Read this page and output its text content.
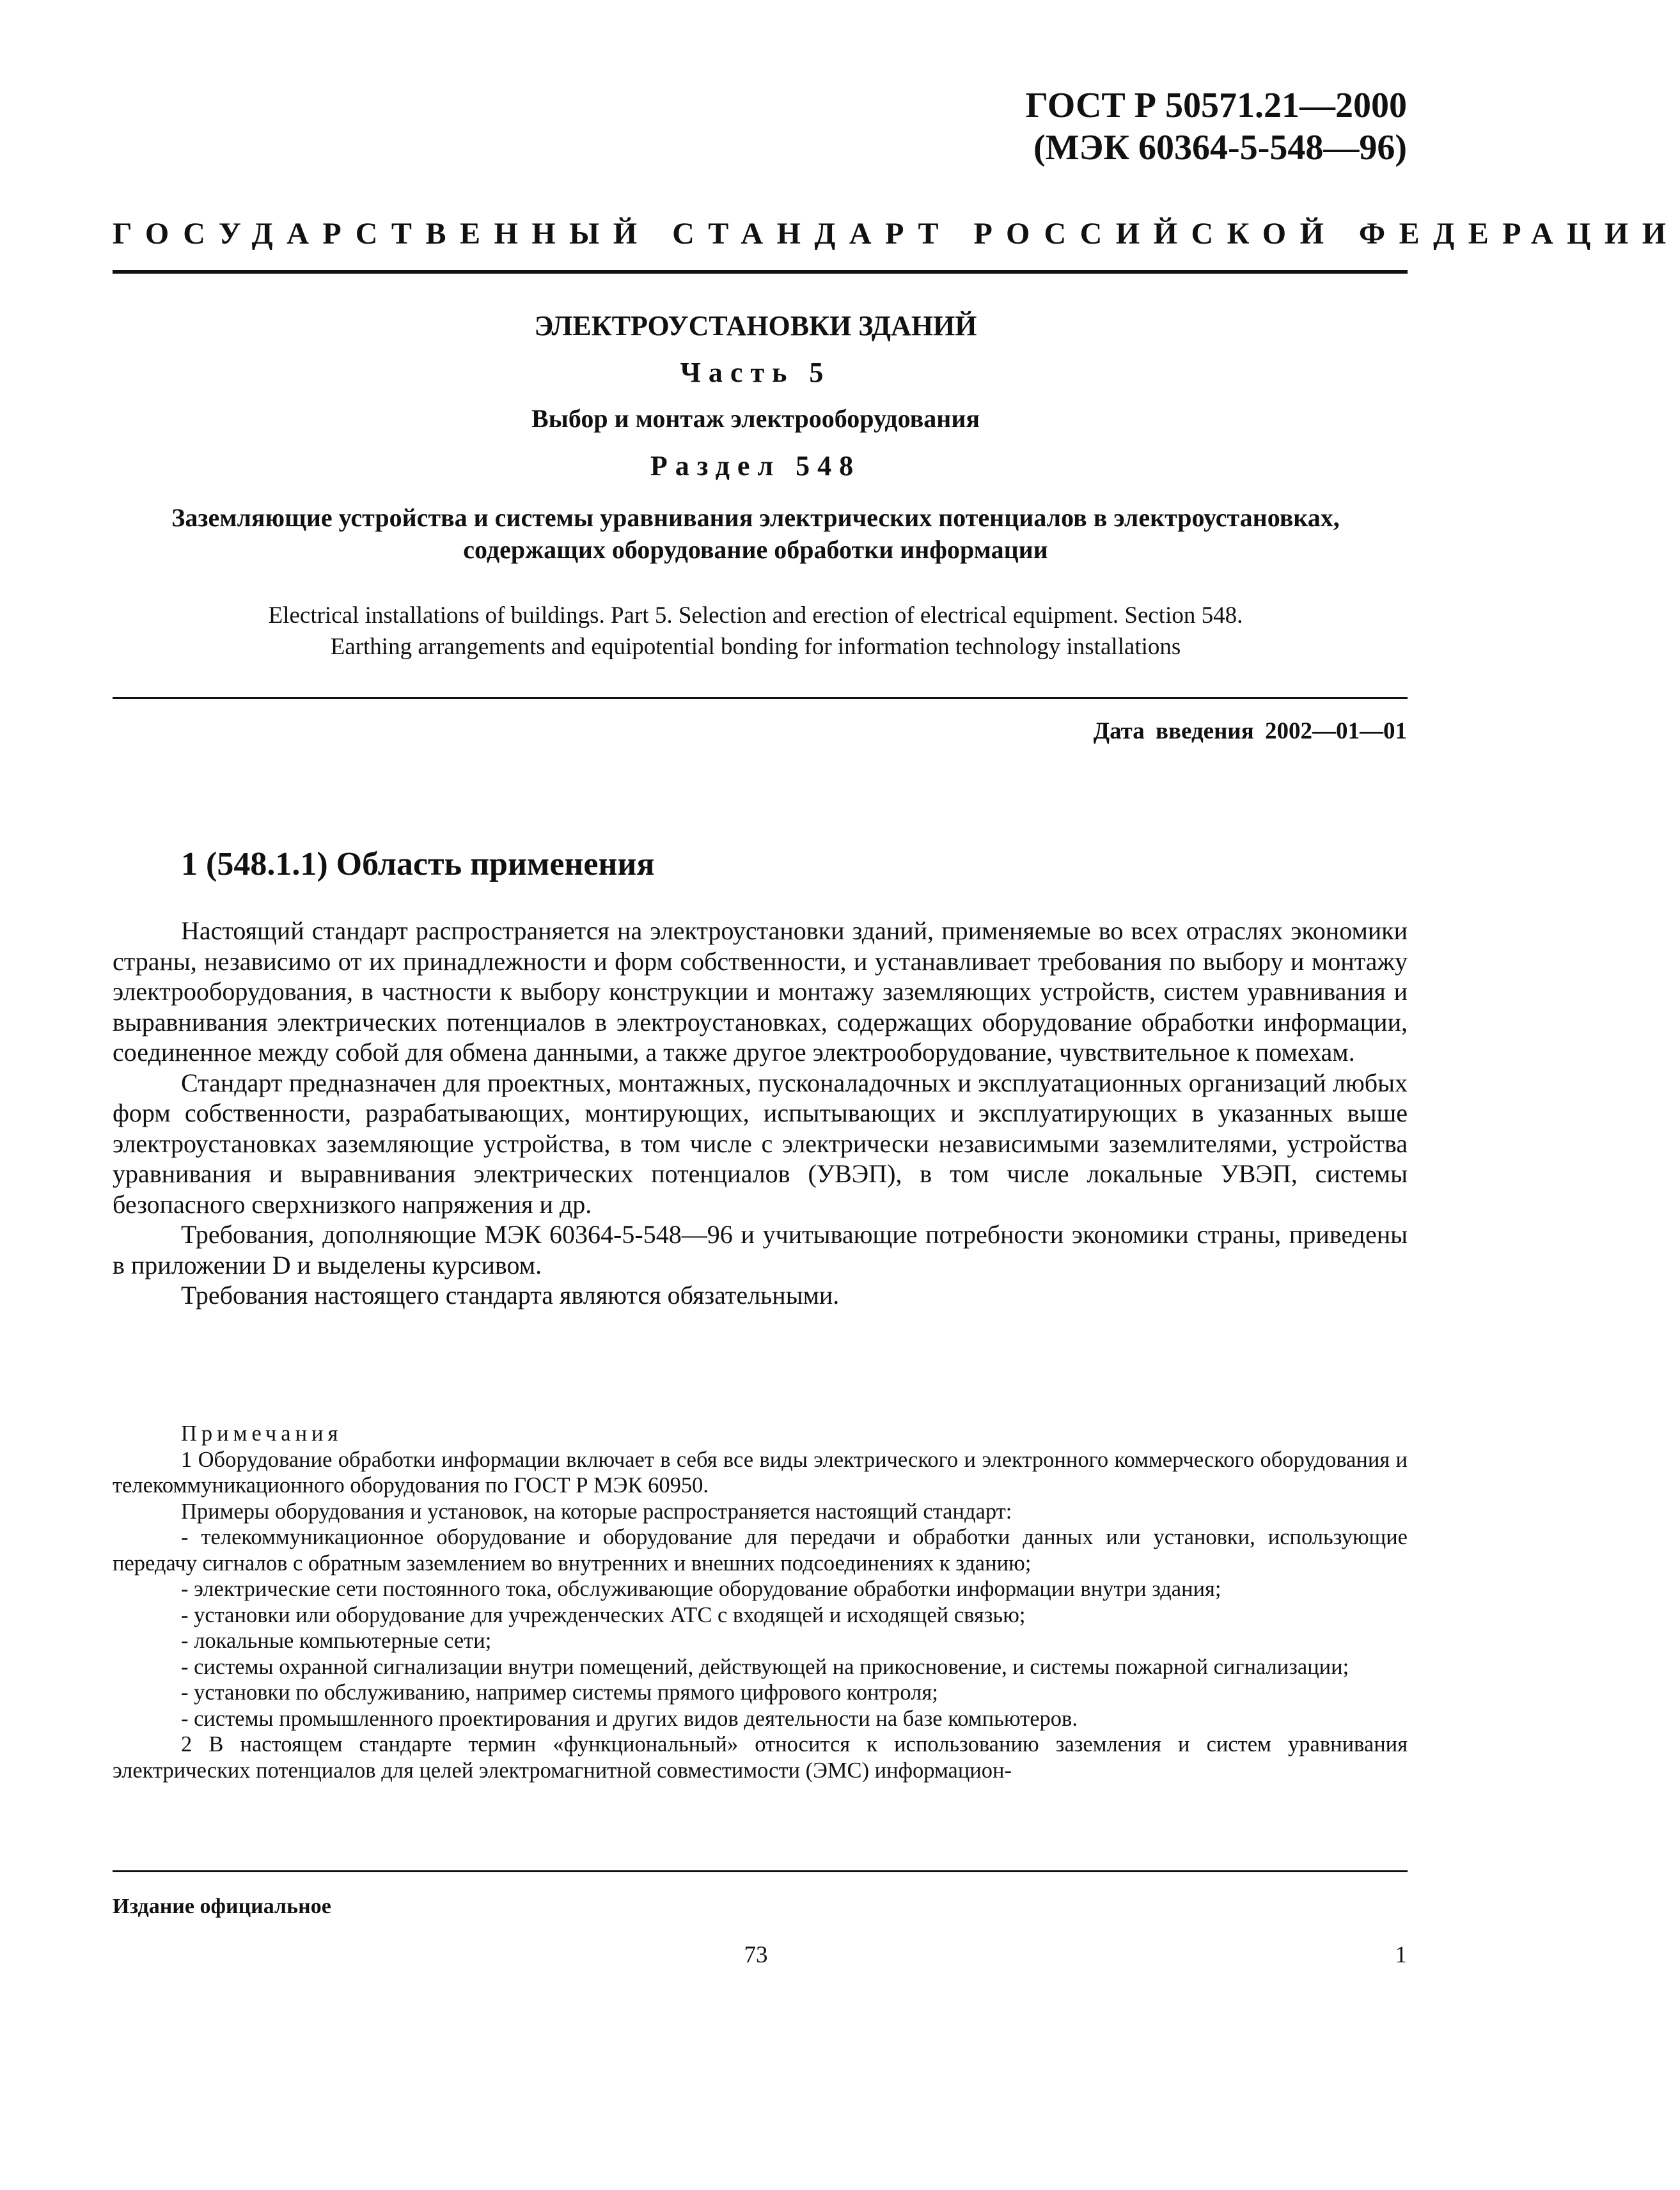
ГОСТ Р 50571.21—2000
(МЭК 60364-5-548—96)
ГОСУДАРСТВЕННЫЙ СТАНДАРТ РОССИЙСКОЙ ФЕДЕРАЦИИ
ЭЛЕКТРОУСТАНОВКИ ЗДАНИЙ
Часть 5
Выбор и монтаж электрооборудования
Раздел 548
Заземляющие устройства и системы уравнивания электрических потенциалов в электроустановках,
содержащих оборудование обработки информации
Electrical installations of buildings. Part 5. Selection and erection of electrical equipment. Section 548.
Earthing arrangements and equipotential bonding for information technology installations
Дата введения 2002—01—01
1 (548.1.1) Область применения

Настоящий стандарт распространяется на электроустановки зданий, применяемые во всех отраслях экономики страны, независимо от их принадлежности и форм собственности, и устанавливает требования по выбору и монтажу электрооборудования, в частности к выбору конструкции и монтажу заземляющих устройств, систем уравнивания и выравнивания электрических потенциалов в электроустановках, содержащих оборудование обработки информации, соединенное между собой для обмена данными, а также другое электрооборудование, чувствительное к помехам.

Стандарт предназначен для проектных, монтажных, пусконаладочных и эксплуатационных организаций любых форм собственности, разрабатывающих, монтирующих, испытывающих и эксплуатирующих в указанных выше электроустановках заземляющие устройства, в том числе с электрически независимыми заземлителями, устройства уравнивания и выравнивания электрических потенциалов (УВЭП), в том числе локальные УВЭП, системы безопасного сверхнизкого напряжения и др.

Требования, дополняющие МЭК 60364-5-548—96 и учитывающие потребности экономики страны, приведены в приложении D и выделены курсивом.

Требования настоящего стандарта являются обязательными.

Примечания

1 Оборудование обработки информации включает в себя все виды электрического и электронного коммерческого оборудования и телекоммуникационного оборудования по ГОСТ Р МЭК 60950.

Примеры оборудования и установок, на которые распространяется настоящий стандарт:

- телекоммуникационное оборудование и оборудование для передачи и обработки данных или установки, использующие передачу сигналов с обратным заземлением во внутренних и внешних подсоединениях к зданию;

- электрические сети постоянного тока, обслуживающие оборудование обработки информации внутри здания;

- установки или оборудование для учрежденческих АТС с входящей и исходящей связью;

- локальные компьютерные сети;

- системы охранной сигнализации внутри помещений, действующей на прикосновение, и системы пожарной сигнализации;

- установки по обслуживанию, например системы прямого цифрового контроля;

- системы промышленного проектирования и других видов деятельности на базе компьютеров.

2 В настоящем стандарте термин «функциональный» относится к использованию заземления и систем уравнивания электрических потенциалов для целей электромагнитной совместимости (ЭМС) информацион-

Издание официальное
73	1
